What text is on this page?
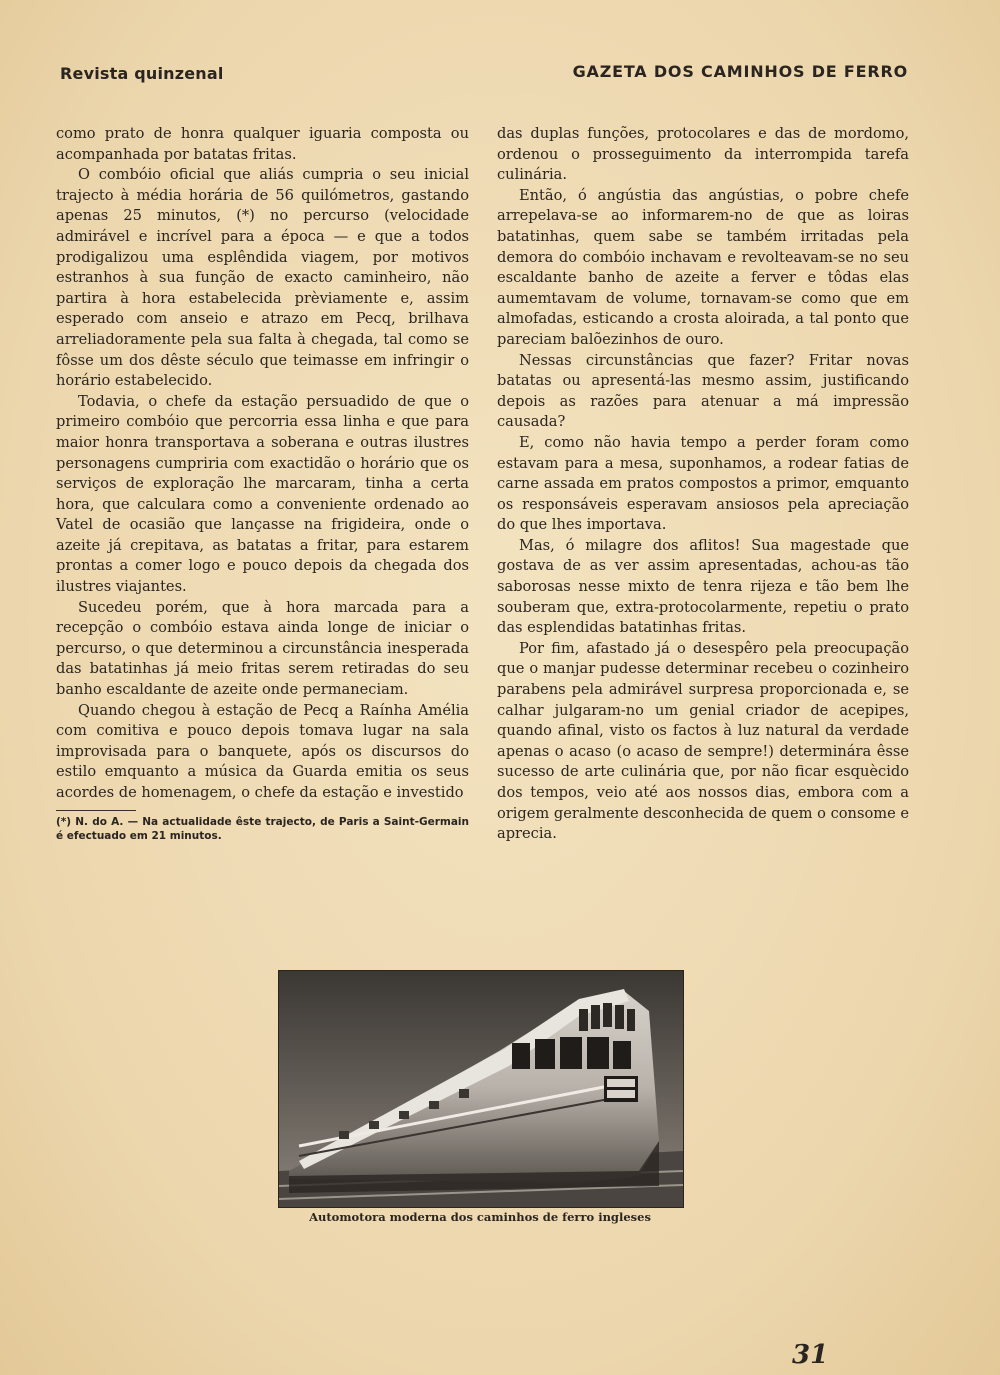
Revista quinzenal	GAZETA DOS CAMINHOS DE FERRO

como prato de honra qualquer iguaria composta ou acompanhada por batatas fritas.

O combóio oficial que aliás cumpria o seu inicial trajecto à média horária de 56 quilómetros, gastando apenas 25 minutos, (*) no percurso (velocidade admirável e incrível para a época — e que a todos prodigalizou uma esplêndida viagem, por motivos estranhos à sua função de exacto caminheiro, não partira à hora estabelecida prèviamente e, assim esperado com anseio e atrazo em Pecq, brilhava arreliadoramente pela sua falta à chegada, tal como se fôsse um dos dêste século que teimasse em infringir o horário estabelecido.

Todavia, o chefe da estação persuadido de que o primeiro combóio que percorria essa linha e que para maior honra transportava a soberana e outras ilustres personagens cumpriria com exactidão o horário que os serviços de exploração lhe marcaram, tinha a certa hora, que calculara como a conveniente ordenado ao Vatel de ocasião que lançasse na frigideira, onde o azeite já crepitava, as batatas a fritar, para estarem prontas a comer logo e pouco depois da chegada dos ilustres viajantes.

Sucedeu porém, que à hora marcada para a recepção o combóio estava ainda longe de iniciar o percurso, o que determinou a circunstância inesperada das batatinhas já meio fritas serem retiradas do seu banho escaldante de azeite onde permaneciam.

Quando chegou à estação de Pecq a Raínha Amélia com comitiva e pouco depois tomava lugar na sala improvisada para o banquete, após os discursos do estilo emquanto a música da Guarda emitia os seus acordes de homenagem, o chefe da estação e investido

(*) N. do A. — Na actualidade êste trajecto, de Paris a Saint-Germain é efectuado em 21 minutos.

das duplas funções, protocolares e das de mordomo, ordenou o prosseguimento da interrompida tarefa culinária.

Então, ó angústia das angústias, o pobre chefe arrepelava-se ao informarem-no de que as loiras batatinhas, quem sabe se também irritadas pela demora do combóio inchavam e revolteavam-se no seu escaldante banho de azeite a ferver e tôdas elas aumemtavam de volume, tornavam-se como que em almofadas, esticando a crosta aloirada, a tal ponto que pareciam balõezinhos de ouro.

Nessas circunstâncias que fazer? Fritar novas batatas ou apresentá-las mesmo assim, justificando depois as razões para atenuar a má impressão causada?

E, como não havia tempo a perder foram como estavam para a mesa, suponhamos, a rodear fatias de carne assada em pratos compostos a primor, emquanto os responsáveis esperavam ansiosos pela apreciação do que lhes importava.

Mas, ó milagre dos aflitos! Sua magestade que gostava de as ver assim apresentadas, achou-as tão saborosas nesse mixto de tenra rijeza e tão bem lhe souberam que, extra-protocolarmente, repetiu o prato das esplendidas batatinhas fritas.

Por fim, afastado já o desespêro pela preocupação que o manjar pudesse determinar recebeu o cozinheiro parabens pela admirável surpresa proporcionada e, se calhar julgaram-no um genial criador de acepipes, quando afinal, visto os factos à luz natural da verdade apenas o acaso (o acaso de sempre!) determinára êsse sucesso de arte culinária que, por não ficar esquècido dos tempos, veio até aos nossos dias, embora com a origem geralmente desconhecida de quem o consome e aprecia.

Automotora moderna dos caminhos de ferro ingleses
31
